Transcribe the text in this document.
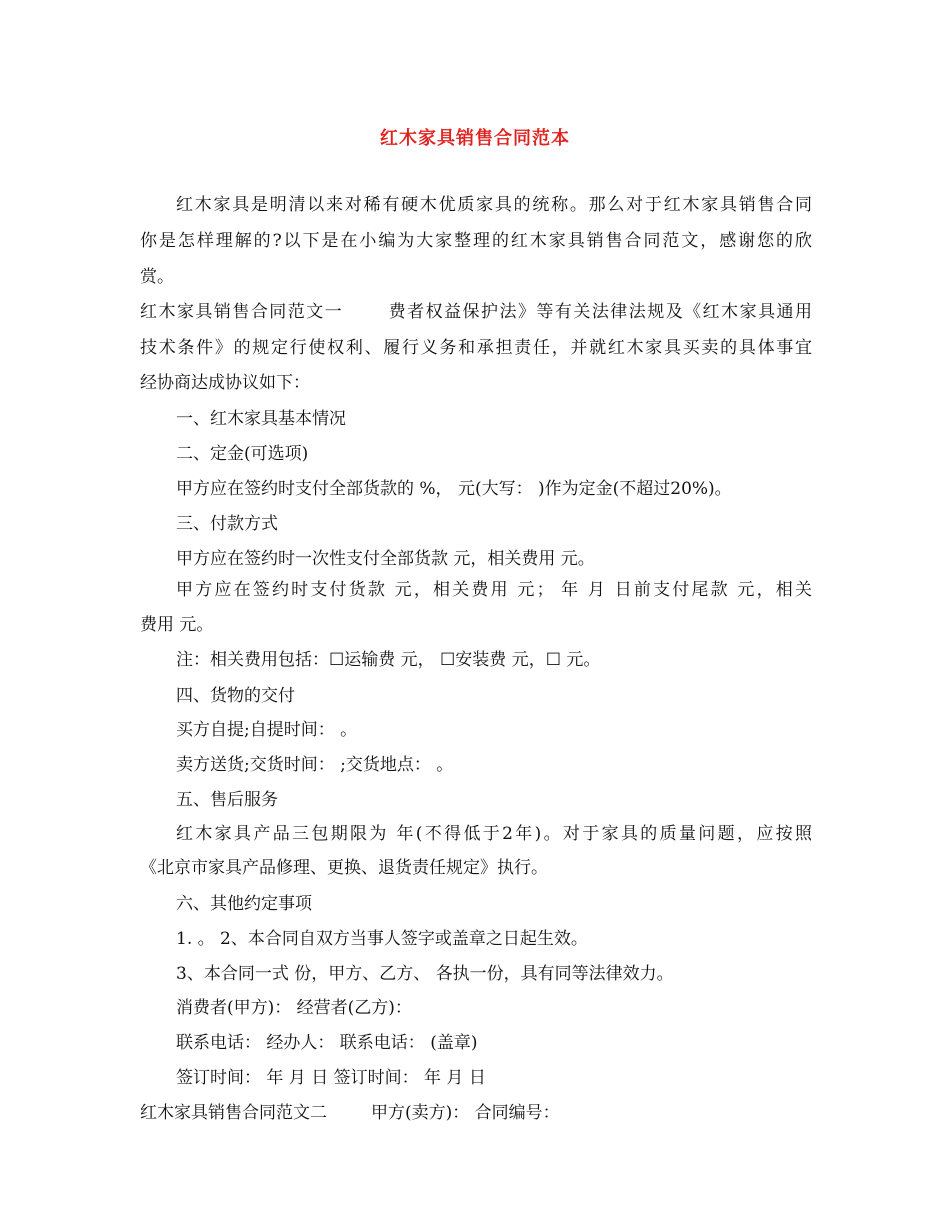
红木家具销售合同范本
红木家具是明清以来对稀有硬木优质家具的统称。那么对于红木家具销售合同
你是怎样理解的?以下是在小编为大家整理的红木家具销售合同范文，感谢您的欣
赏。
红木家具销售合同范文一	费者权益保护法》等有关法律法规及《红木家具通用
技术条件》的规定行使权利、履行义务和承担责任，并就红木家具买卖的具体事宜
经协商达成协议如下：
一、红木家具基本情况
二、定金(可选项)
甲方应在签约时支付全部货款的 %， 元(大写： )作为定金(不超过20%)。
三、付款方式
甲方应在签约时一次性支付全部货款 元，相关费用 元。
甲方应在签约时支付货款 元，相关费用 元； 年 月 日前支付尾款 元，相关
费用 元。
注：相关费用包括：☐运输费 元， ☐安装费 元，☐ 元。
四、货物的交付
买方自提;自提时间： 。
卖方送货;交货时间： ;交货地点： 。
五、售后服务
红木家具产品三包期限为 年(不得低于2年)。对于家具的质量问题，应按照
《北京市家具产品修理、更换、退货责任规定》执行。
六、其他约定事项
1. 。 2、本合同自双方当事人签字或盖章之日起生效。
3、本合同一式 份，甲方、乙方、 各执一份，具有同等法律效力。
消费者(甲方)： 经营者(乙方)：
联系电话： 经办人： 联系电话： (盖章)
签订时间： 年 月 日 签订时间： 年 月 日
红木家具销售合同范文二	甲方(卖方)： 合同编号：
